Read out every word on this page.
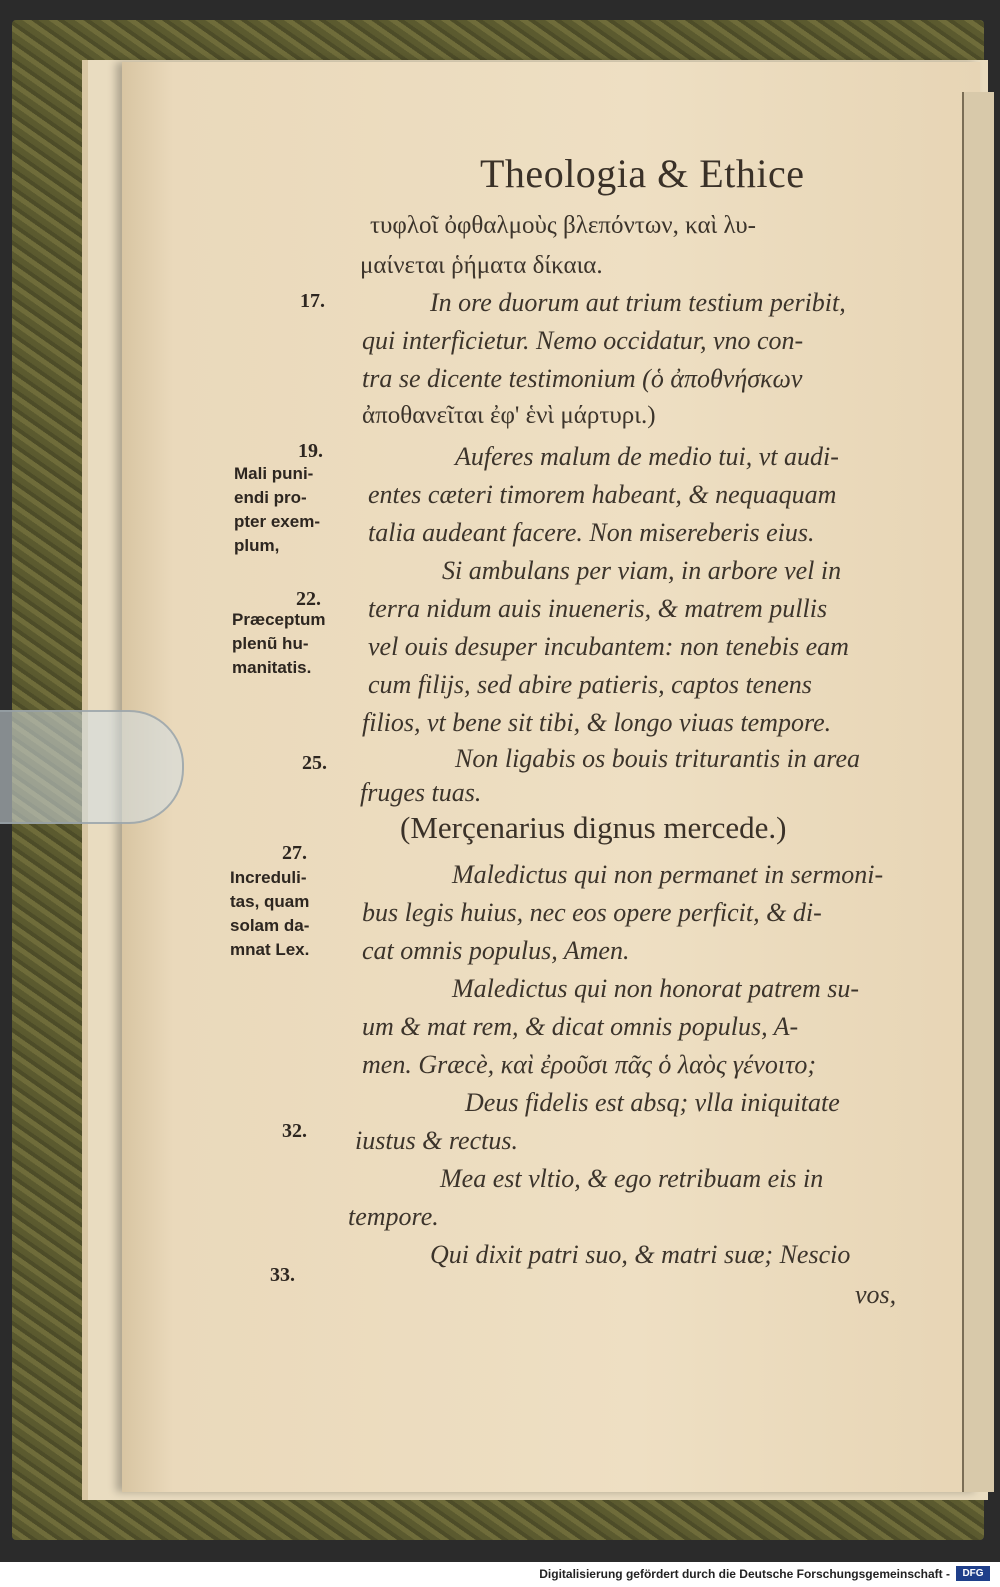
Theologia & Ethice
τυφλοῖ ὀφθαλμοὺς βλεπόντων, καὶ λυ-
μαίνεται ῥήματα δίκαια.
In ore duorum aut trium testium peribit,
qui interficietur. Nemo occidatur, vno con-
tra se dicente testimonium (ὁ ἀποθνήσκων
ἀποθανεῖται ἐφ' ἑνὶ μάρτυρι.)
Auferes malum de medio tui, vt audi-
entes cæteri timorem habeant, & nequaquam
talia audeant facere. Non misereberis eius.
Si ambulans per viam, in arbore vel in
terra nidum auis inueneris, & matrem pullis
vel ouis desuper incubantem: non tenebis eam
cum filijs, sed abire patieris, captos tenens
filios, vt bene sit tibi, & longo viuas tempore.
Non ligabis os bouis triturantis in area
fruges tuas.
(Merçenarius dignus mercede.)
Maledictus qui non permanet in sermoni-
bus legis huius, nec eos opere perficit, & di-
cat omnis populus, Amen.
Maledictus qui non honorat patrem su-
um & mat rem, & dicat omnis populus, A-
men. Græcè, καὶ ἐροῦσι πᾶς ὁ λαὸς γένοιτο;
Deus fidelis est absq; vlla iniquitate
iustus & rectus.
Mea est vltio, & ego retribuam eis in
tempore.
Qui dixit patri suo, & matri suæ; Nescio
vos,
17.
19.
22.
25.
27.
32.
33.
Mali puni-
endi pro-
pter exem-
plum,
Præceptum
plenũ hu-
manitatis.
Increduli-
tas, quam
solam da-
mnat Lex.
Digitalisierung gefördert durch die Deutsche Forschungsgemeinschaft -	DFG
